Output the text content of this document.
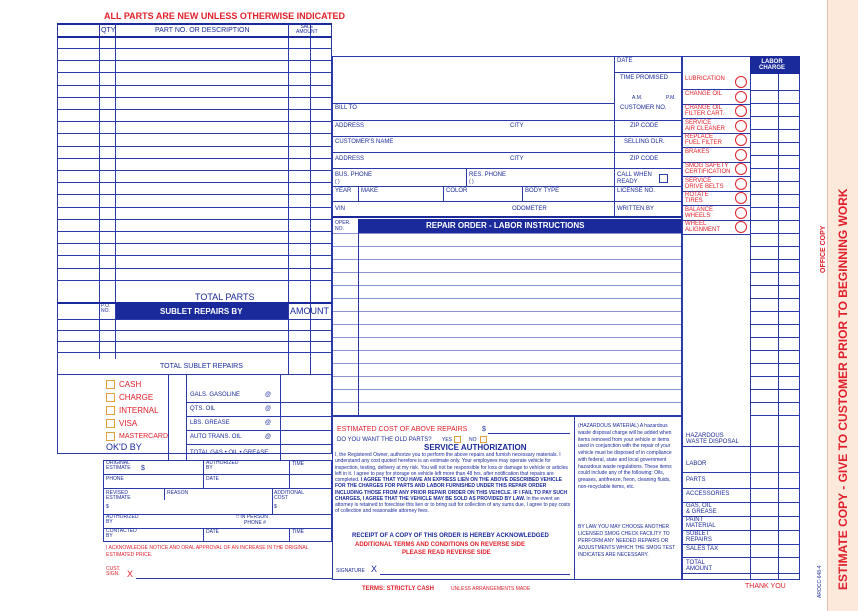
ALL PARTS ARE NEW UNLESS OTHERWISE INDICATED
QTY	PART NO. OR DESCRIPTION	SALE
AMOUNT
TOTAL PARTS
P.O.
NO.	SUBLET REPAIRS BY	AMOUNT
TOTAL SUBLET REPAIRS
CASH
CHARGE
INTERNAL
VISA
MASTERCARD
OK'D BY
GALS. GASOLINE	@
QTS. OIL	@
LBS. GREASE	@
AUTO TRANS. OIL	@
TOTAL GAS • OIL • GREASE
ORIGINAL
ESTIMATE $
AUTHORIZED
BY
TIME
PHONE	DATE
REVISED
ESTIMATE
$
REASON	ADDITIONAL
COST
$
AUTHORIZED
BY
□ IN PERSON
PHONE #
CONTACTED
BY
DATE	TIME
I ACKNOWLEDGE NOTICE AND ORAL APPROVAL OF AN INCREASE IN THE ORIGINAL ESTIMATED PRICE.
CUST.
SIGN. X
DATE
TIME PROMISED
A.M.	P.M.
BILL TO	CUSTOMER NO.
ADDRESS	CITY	ZIP CODE
CUSTOMER'S NAME	SELLING DLR.
ADDRESS	CITY	ZIP CODE
BUS. PHONE
( )
RES. PHONE
( )
CALL WHEN
READY
YEAR MAKE	COLOR	BODY TYPE	LICENSE NO.
VIN	ODOMETER	WRITTEN BY
OPER.
NO.	REPAIR ORDER - LABOR INSTRUCTIONS
ESTIMATED COST OF ABOVE REPAIRS $
DO YOU WANT THE OLD PARTS? YES	NO
SERVICE AUTHORIZATION
I, the Registered Owner, authorize you to perform the above repairs and furnish necessary materials. I understand any cost quoted herefore is an estimate only. Your employees may operate vehicle for inspection, testing, delivery at my risk. You will not be responsible for loss or damage to vehicle or articles left in it. I agree to pay for storage on vehicle left more than 48 hrs. after notification that repairs are completed. I AGREE THAT YOU HAVE AN EXPRESS LIEN ON THE ABOVE DESCRIBED VEHICLE FOR THE CHARGES FOR PARTS AND LABOR FURNISHED UNDER THIS REPAIR ORDER INCLUDING THOSE FROM ANY PRIOR REPAIR ORDER ON THIS VEHICLE. IF I FAIL TO PAY SUCH CHARGES, I AGREE THAT THE VEHICLE MAY BE SOLD AS PROVIDED BY LAW. In the event an attorney is retained to foreclose this lien or to bring suit for collection of any sums due, I agree to pay costs of collection and reasonable attorney fees.
RECEIPT OF A COPY OF THIS ORDER IS HEREBY ACKNOWLEDGED
ADDITIONAL TERMS AND CONDITIONS ON REVERSE SIDE
PLEASE READ REVERSE SIDE
SIGNATURE X
(HAZARDOUS MATERIAL) A hazardous waste disposal charge will be added when items removed from your vehicle or items used in conjunction with the repair of your vehicle must be disposed of in compliance with federal, state and local government hazardous waste regulations. These items could include any of the following: Oils, greases, antifreeze, freon, cleaning fluids, non-recyclable items, etc.
BY LAW YOU MAY CHOOSE ANOTHER LICENSED SMOG CHECK FACILITY TO PERFORM ANY NEEDED REPAIRS OR ADJUSTMENTS WHICH THE SMOG TEST INDICATES ARE NECESSARY.
TERMS: STRICTLY CASH	UNLESS ARRANGEMENTS MADE
LABOR
CHARGE
LUBRICATION
CHANGE OIL
CHANGE OIL
FILTER CART.
SERVICE
AIR CLEANER
REPLACE
FUEL FILTER
BRAKES
SMOG SAFETY
CERTIFICATION
SERVICE
DRIVE BELTS
ROTATE
TIRES
BALANCE
WHEELS
WHEEL
ALIGNMENT
HAZARDOUS
WASTE DISPOSAL
LABOR
PARTS
ACCESSORIES
GAS, OIL
& GREASE
PAINT
MATERIAL
SUBLET
REPAIRS
SALES TAX
TOTAL
AMOUNT
THANK YOU
OFFICE COPY
AROCC-648-4 ESTIMATE COPY - GIVE TO CUSTOMER PRIOR TO BEGINNING WORK
